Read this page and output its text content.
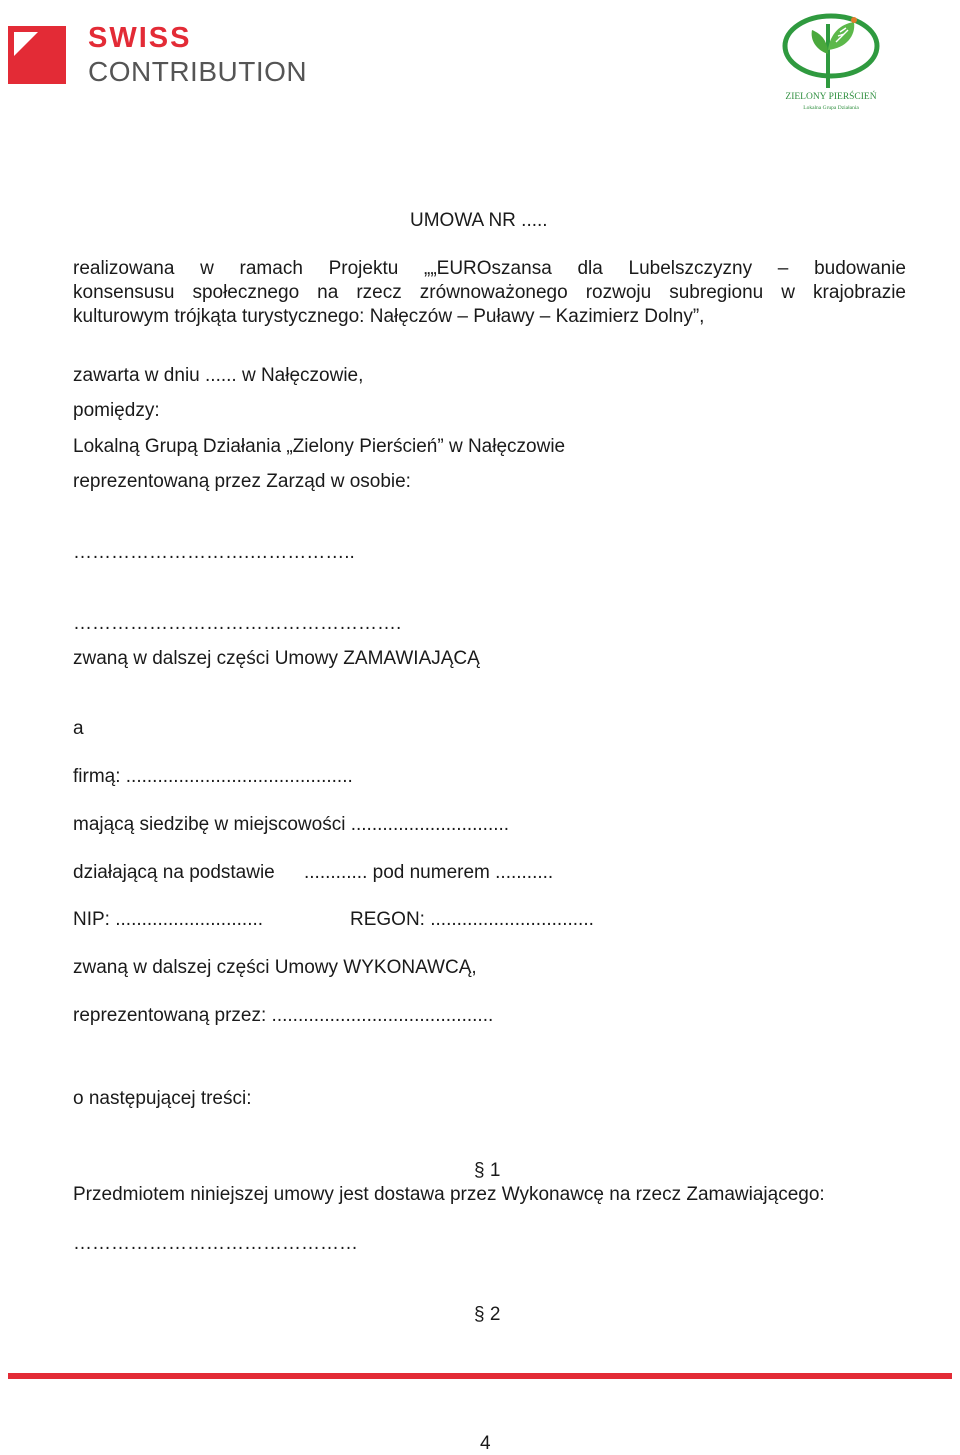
SWISS
CONTRIBUTION
ZIELONY PIERŚCIEŃ
Lokalna Grupa Działania
UMOWA NR .....
realizowana w ramach Projektu „„EUROszansa dla Lubelszczyzny – budowanie
konsensusu społecznego na rzecz zrównoważonego rozwoju subregionu w krajobrazie
kulturowym trójkąta turystycznego: Nałęczów – Puławy – Kazimierz Dolny”,
zawarta w dniu ...... w Nałęczowie,
pomiędzy:
Lokalną Grupą Działania „Zielony Pierścień” w Nałęczowie
reprezentowaną przez Zarząd w osobie:
……………………….……………..
…………………………………………….
zwaną w dalszej części Umowy ZAMAWIAJĄCĄ
a
firmą: ...........................................
mającą siedzibę w miejscowości ..............................
działającą na podstawie ............ pod numerem ...........
NIP: ............................	REGON: ...............................
zwaną w dalszej części Umowy WYKONAWCĄ,
reprezentowaną przez: ..........................................
o następującej treści:
§ 1
Przedmiotem niniejszej umowy jest dostawa przez Wykonawcę na rzecz Zamawiającego:
………………………………………
§ 2
4
